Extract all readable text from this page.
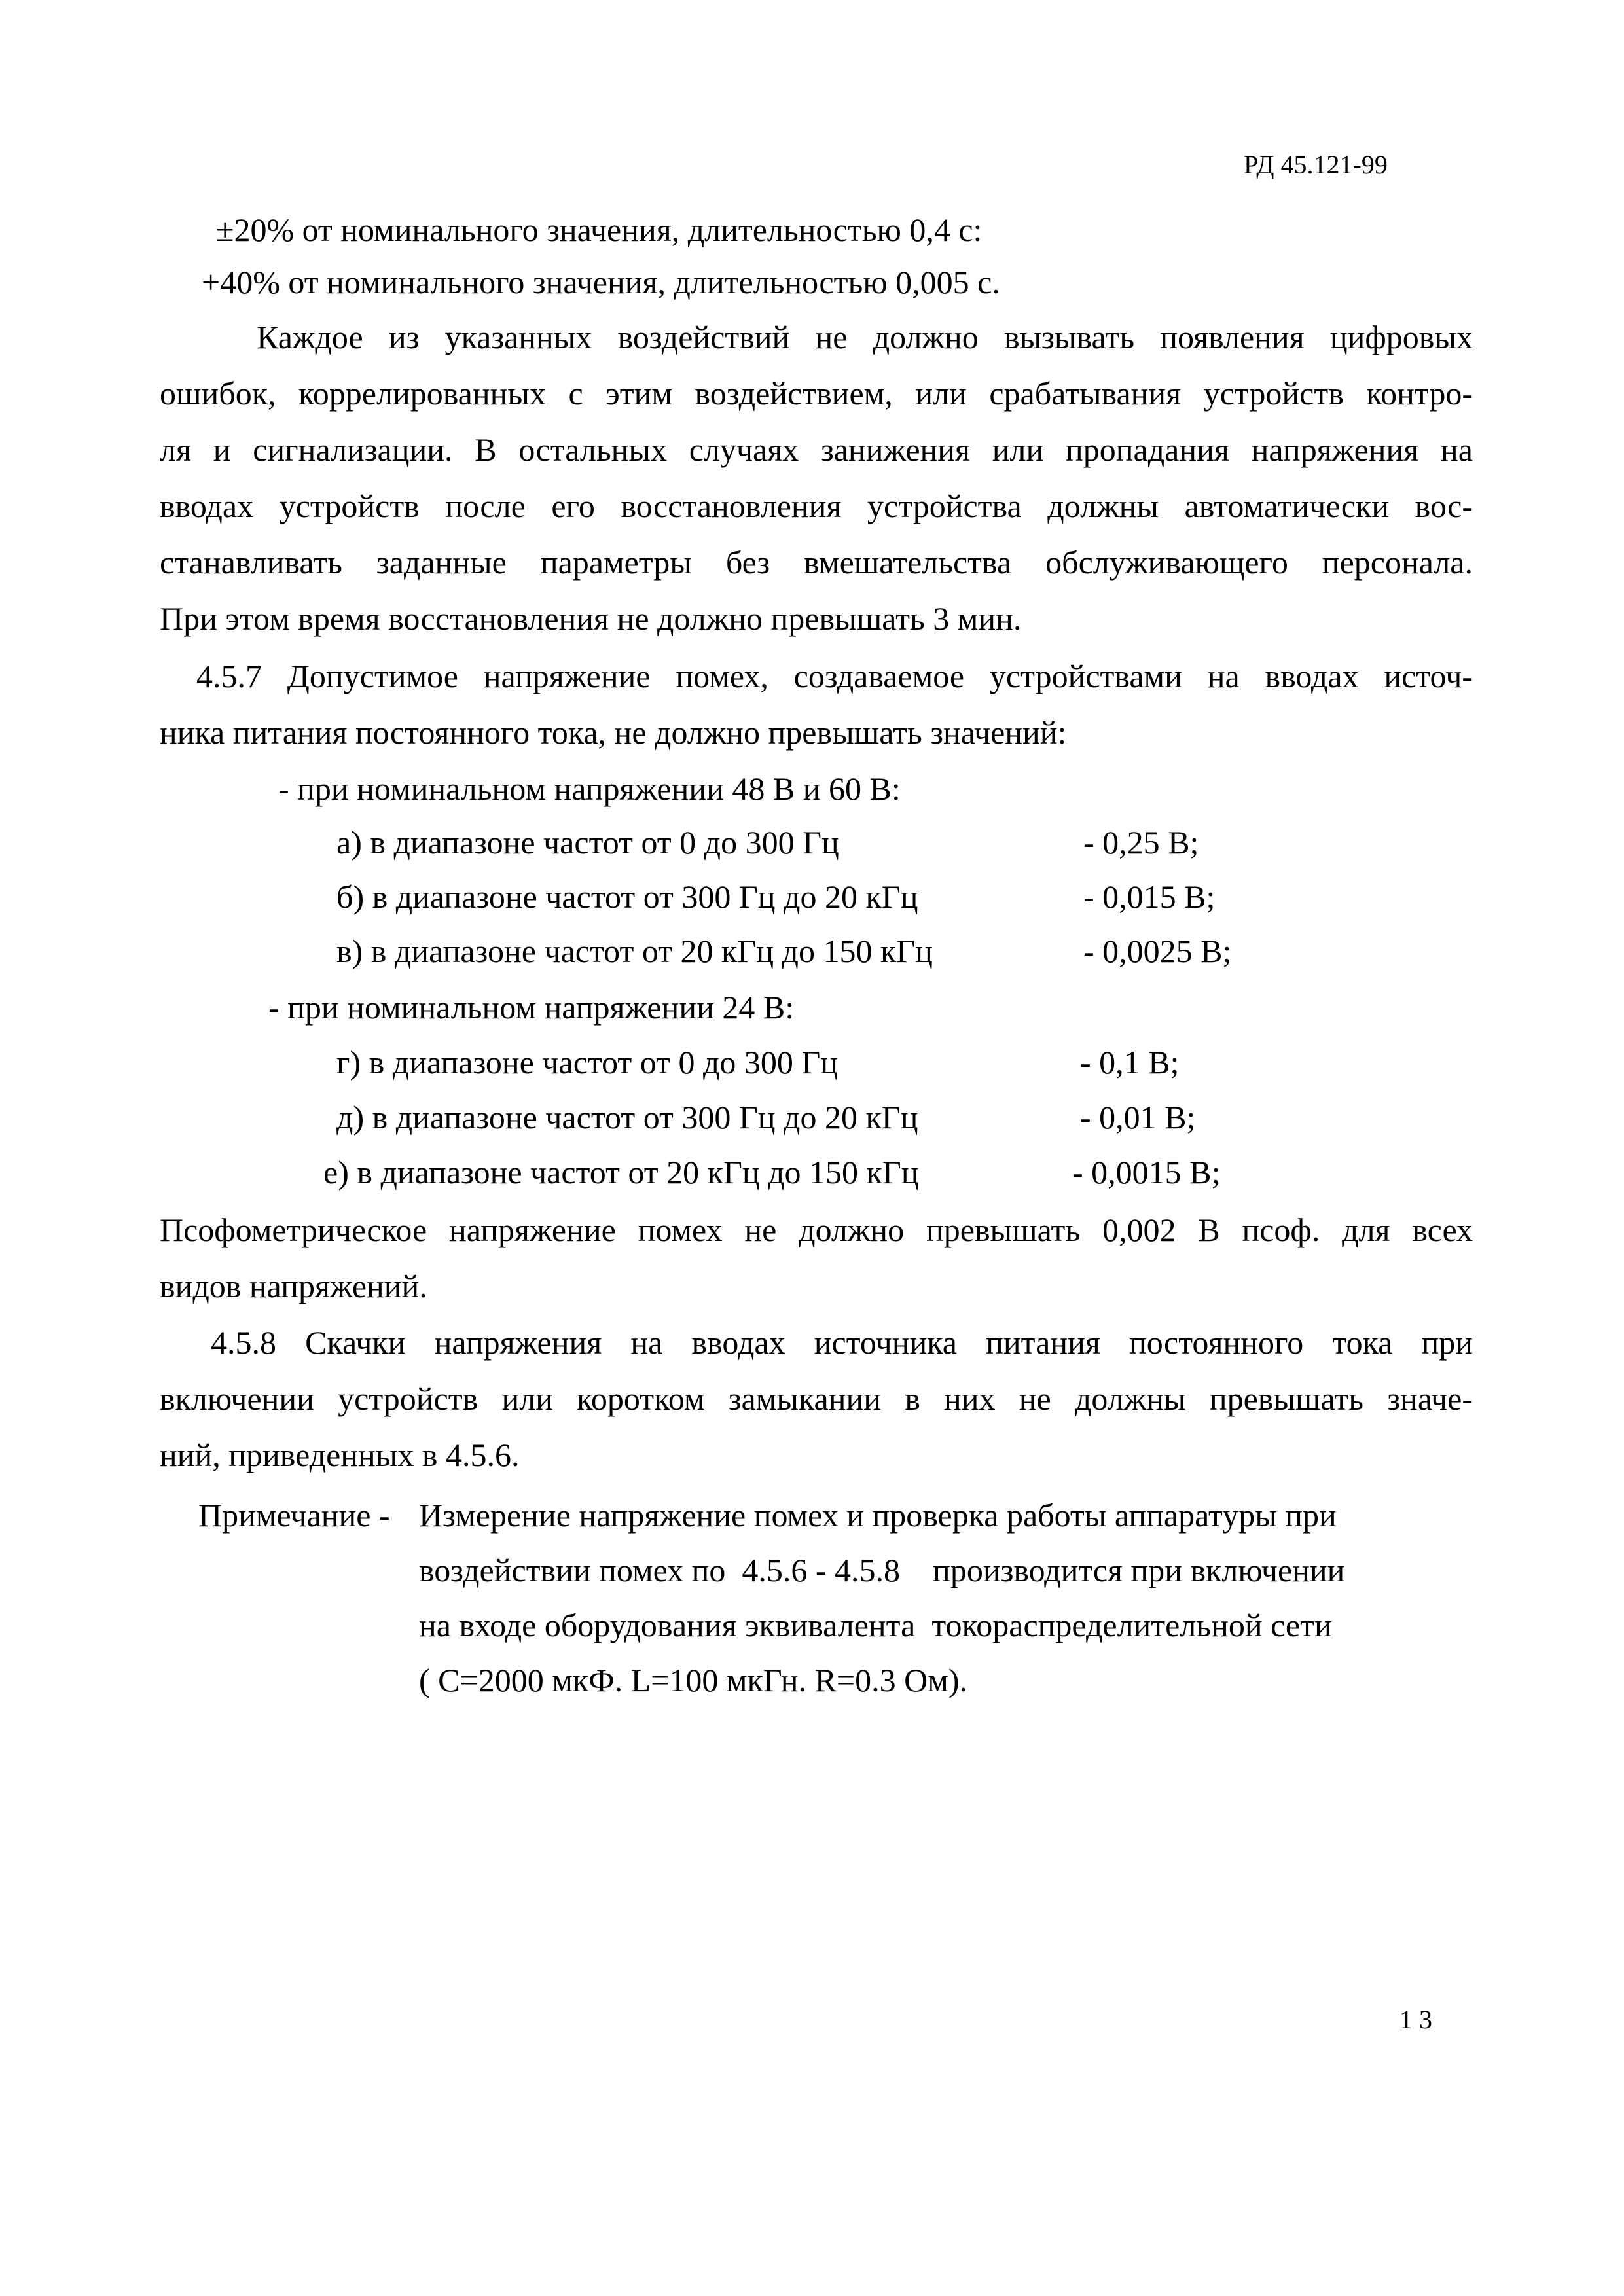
РД 45.121-99
±20% от номинального значения, длительностью 0,4 с:
+40% от номинального значения, длительностью 0,005 с.
Каждое из указанных воздействий не должно вызывать появления цифровых
ошибок, коррелированных с этим воздействием, или срабатывания устройств контро-
ля и сигнализации. В остальных случаях занижения или пропадания напряжения на
вводах устройств после его восстановления устройства должны автоматически вос-
станавливать заданные параметры без вмешательства обслуживающего персонала.
При этом время восстановления не должно превышать 3 мин.
4.5.7 Допустимое напряжение помех, создаваемое устройствами на вводах источ-
ника питания постоянного тока, не должно превышать значений:
- при номинальном напряжении 48 В и 60 В:
а) в диапазоне частот от 0 до 300 Гц	- 0,25 В;
б) в диапазоне частот от 300 Гц до 20 кГц	- 0,015 В;
в) в диапазоне частот от 20 кГц до 150 кГц	- 0,0025 В;
- при номинальном напряжении 24 В:
г) в диапазоне частот от 0 до 300 Гц	- 0,1 В;
д) в диапазоне частот от 300 Гц до 20 кГц	- 0,01 В;
е) в диапазоне частот от 20 кГц до 150 кГц	- 0,0015 В;
Псофометрическое напряжение помех не должно превышать 0,002 В псоф. для всех
видов напряжений.
4.5.8 Скачки напряжения на вводах источника питания постоянного тока при
включении устройств или коротком замыкании в них не должны превышать значе-
ний, приведенных в 4.5.6.
Примечание - Измерение напряжение помех и проверка работы аппаратуры при
воздействии помех по  4.5.6 - 4.5.8    производится при включении
на входе оборудования эквивалента  токораспределительной сети
( C=2000 мкФ. L=100 мкГн. R=0.3 Ом).
1 3
